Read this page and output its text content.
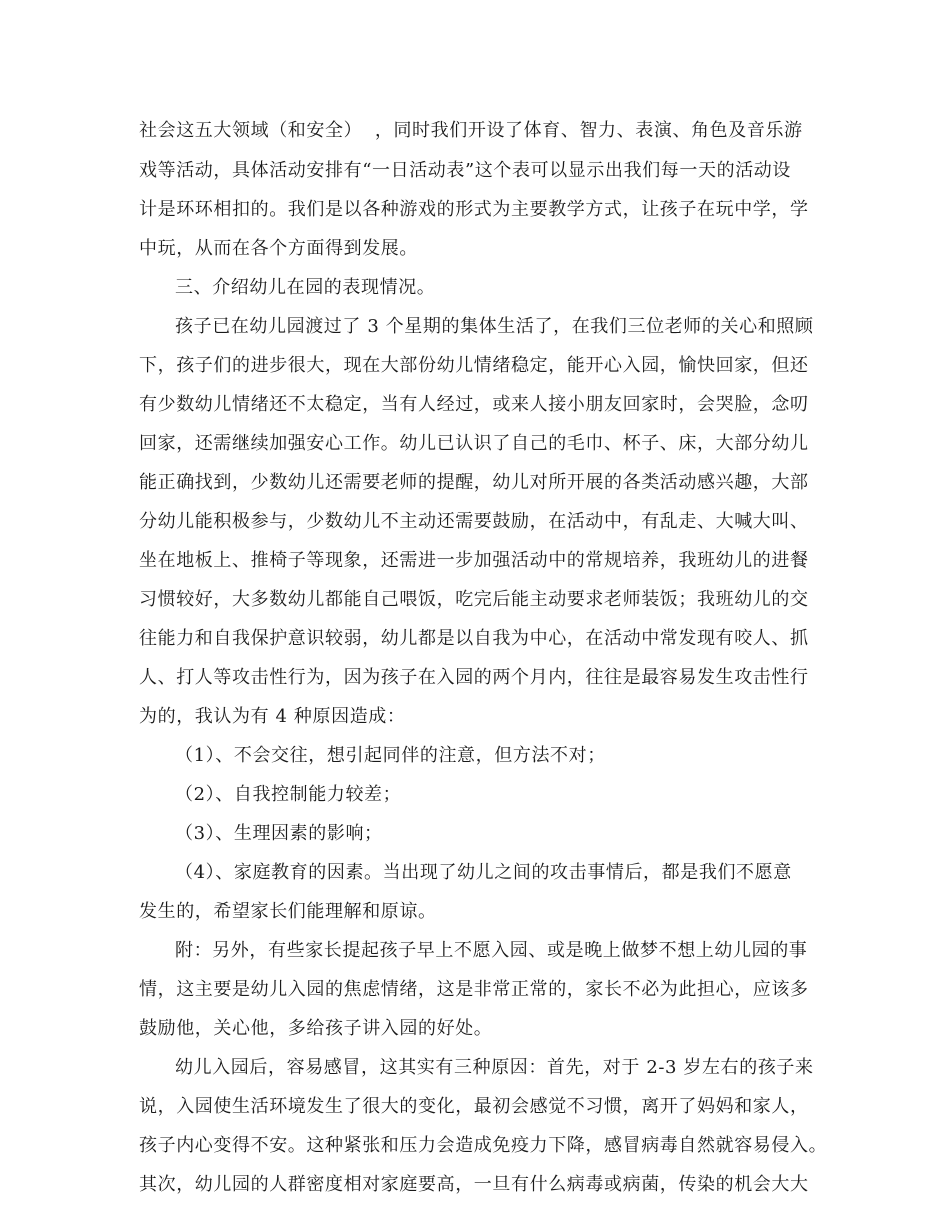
社会这五大领域（和安全）  ，同时我们开设了体育、智力、表演、角色及音乐游
戏等活动，具体活动安排有“一日活动表”这个表可以显示出我们每一天的活动设
计是环环相扣的。我们是以各种游戏的形式为主要教学方式，让孩子在玩中学，学
中玩，从而在各个方面得到发展。
三、介绍幼儿在园的表现情况。
孩子已在幼儿园渡过了 3 个星期的集体生活了，在我们三位老师的关心和照顾
下，孩子们的进步很大，现在大部份幼儿情绪稳定，能开心入园，愉快回家，但还
有少数幼儿情绪还不太稳定，当有人经过，或来人接小朋友回家时，会哭脸，念叨
回家，还需继续加强安心工作。幼儿已认识了自己的毛巾、杯子、床，大部分幼儿
能正确找到，少数幼儿还需要老师的提醒，幼儿对所开展的各类活动感兴趣，大部
分幼儿能积极参与，少数幼儿不主动还需要鼓励，在活动中，有乱走、大喊大叫、
坐在地板上、推椅子等现象，还需进一步加强活动中的常规培养，我班幼儿的进餐
习惯较好，大多数幼儿都能自己喂饭，吃完后能主动要求老师装饭；我班幼儿的交
往能力和自我保护意识较弱，幼儿都是以自我为中心，在活动中常发现有咬人、抓
人、打人等攻击性行为，因为孩子在入园的两个月内，往往是最容易发生攻击性行
为的，我认为有 4 种原因造成：
（1）、不会交往，想引起同伴的注意，但方法不对；
（2）、自我控制能力较差；
（3）、生理因素的影响；
（4）、家庭教育的因素。当出现了幼儿之间的攻击事情后，都是我们不愿意
发生的，希望家长们能理解和原谅。
附：另外，有些家长提起孩子早上不愿入园、或是晚上做梦不想上幼儿园的事
情，这主要是幼儿入园的焦虑情绪，这是非常正常的，家长不必为此担心，应该多
鼓励他，关心他，多给孩子讲入园的好处。
幼儿入园后，容易感冒，这其实有三种原因：首先，对于 2-3 岁左右的孩子来
说，入园使生活环境发生了很大的变化，最初会感觉不习惯，离开了妈妈和家人，
孩子内心变得不安。这种紧张和压力会造成免疫力下降，感冒病毒自然就容易侵入。
其次，幼儿园的人群密度相对家庭要高，一旦有什么病毒或病菌，传染的机会大大
